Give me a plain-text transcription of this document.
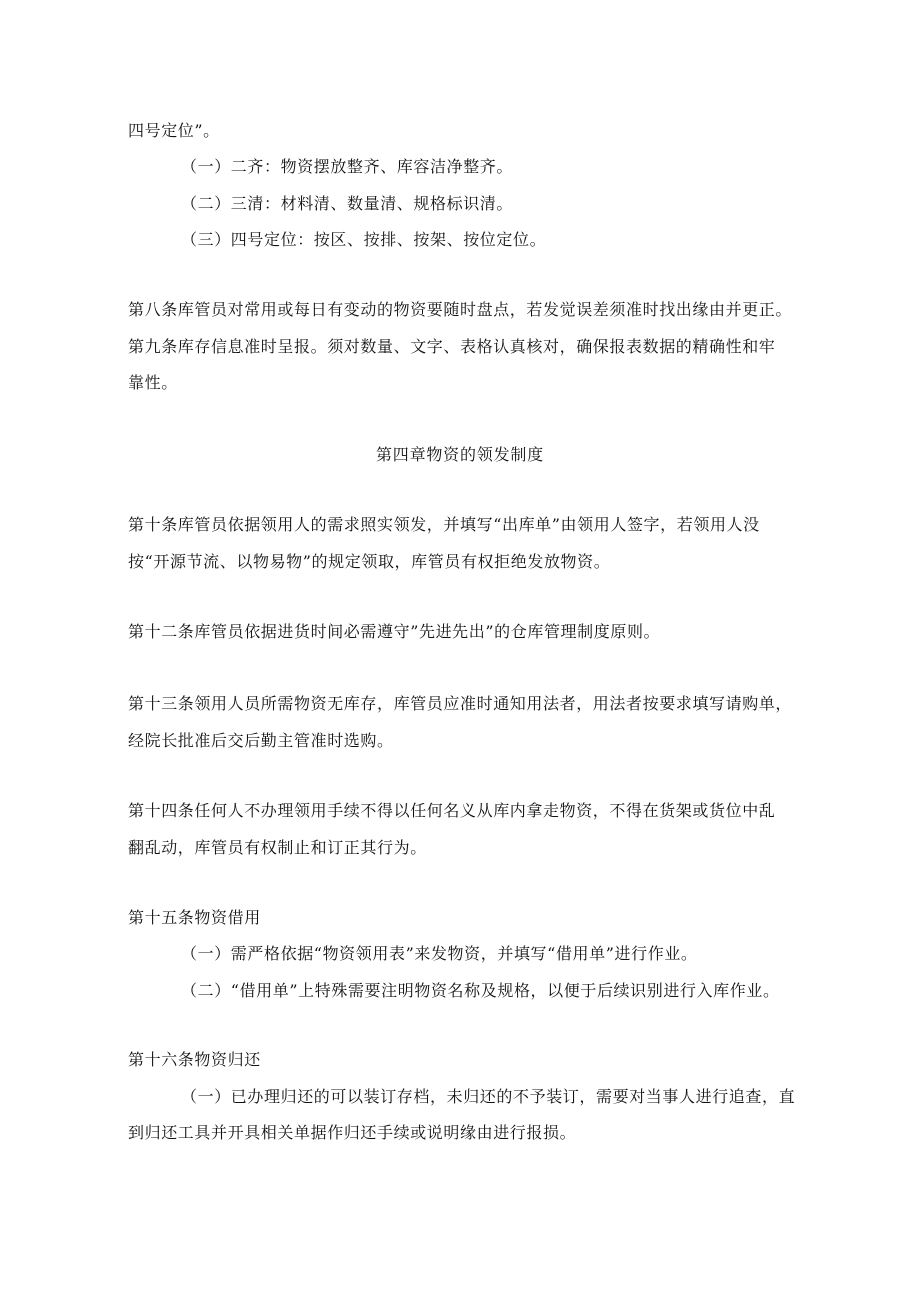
四号定位”。
（一）二齐：物资摆放整齐、库容洁净整齐。
（二）三清：材料清、数量清、规格标识清。
（三）四号定位：按区、按排、按架、按位定位。
第八条库管员对常用或每日有变动的物资要随时盘点，若发觉误差须准时找出缘由并更正。
第九条库存信息准时呈报。须对数量、文字、表格认真核对，确保报表数据的精确性和牢
靠性。
第四章物资的领发制度
第十条库管员依据领用人的需求照实领发，并填写“出库单”由领用人签字，若领用人没
按“开源节流、以物易物”的规定领取，库管员有权拒绝发放物资。
第十二条库管员依据进货时间必需遵守”先进先出”的仓库管理制度原则。
第十三条领用人员所需物资无库存，库管员应准时通知用法者，用法者按要求填写请购单，
经院长批准后交后勤主管准时选购。
第十四条任何人不办理领用手续不得以任何名义从库内拿走物资，不得在货架或货位中乱
翻乱动，库管员有权制止和订正其行为。
第十五条物资借用
（一）需严格依据“物资领用表”来发物资，并填写“借用单”进行作业。
（二）“借用单”上特殊需要注明物资名称及规格，以便于后续识别进行入库作业。
第十六条物资归还
（一）已办理归还的可以装订存档，未归还的不予装订，需要对当事人进行追查，直
到归还工具并开具相关单据作归还手续或说明缘由进行报损。
